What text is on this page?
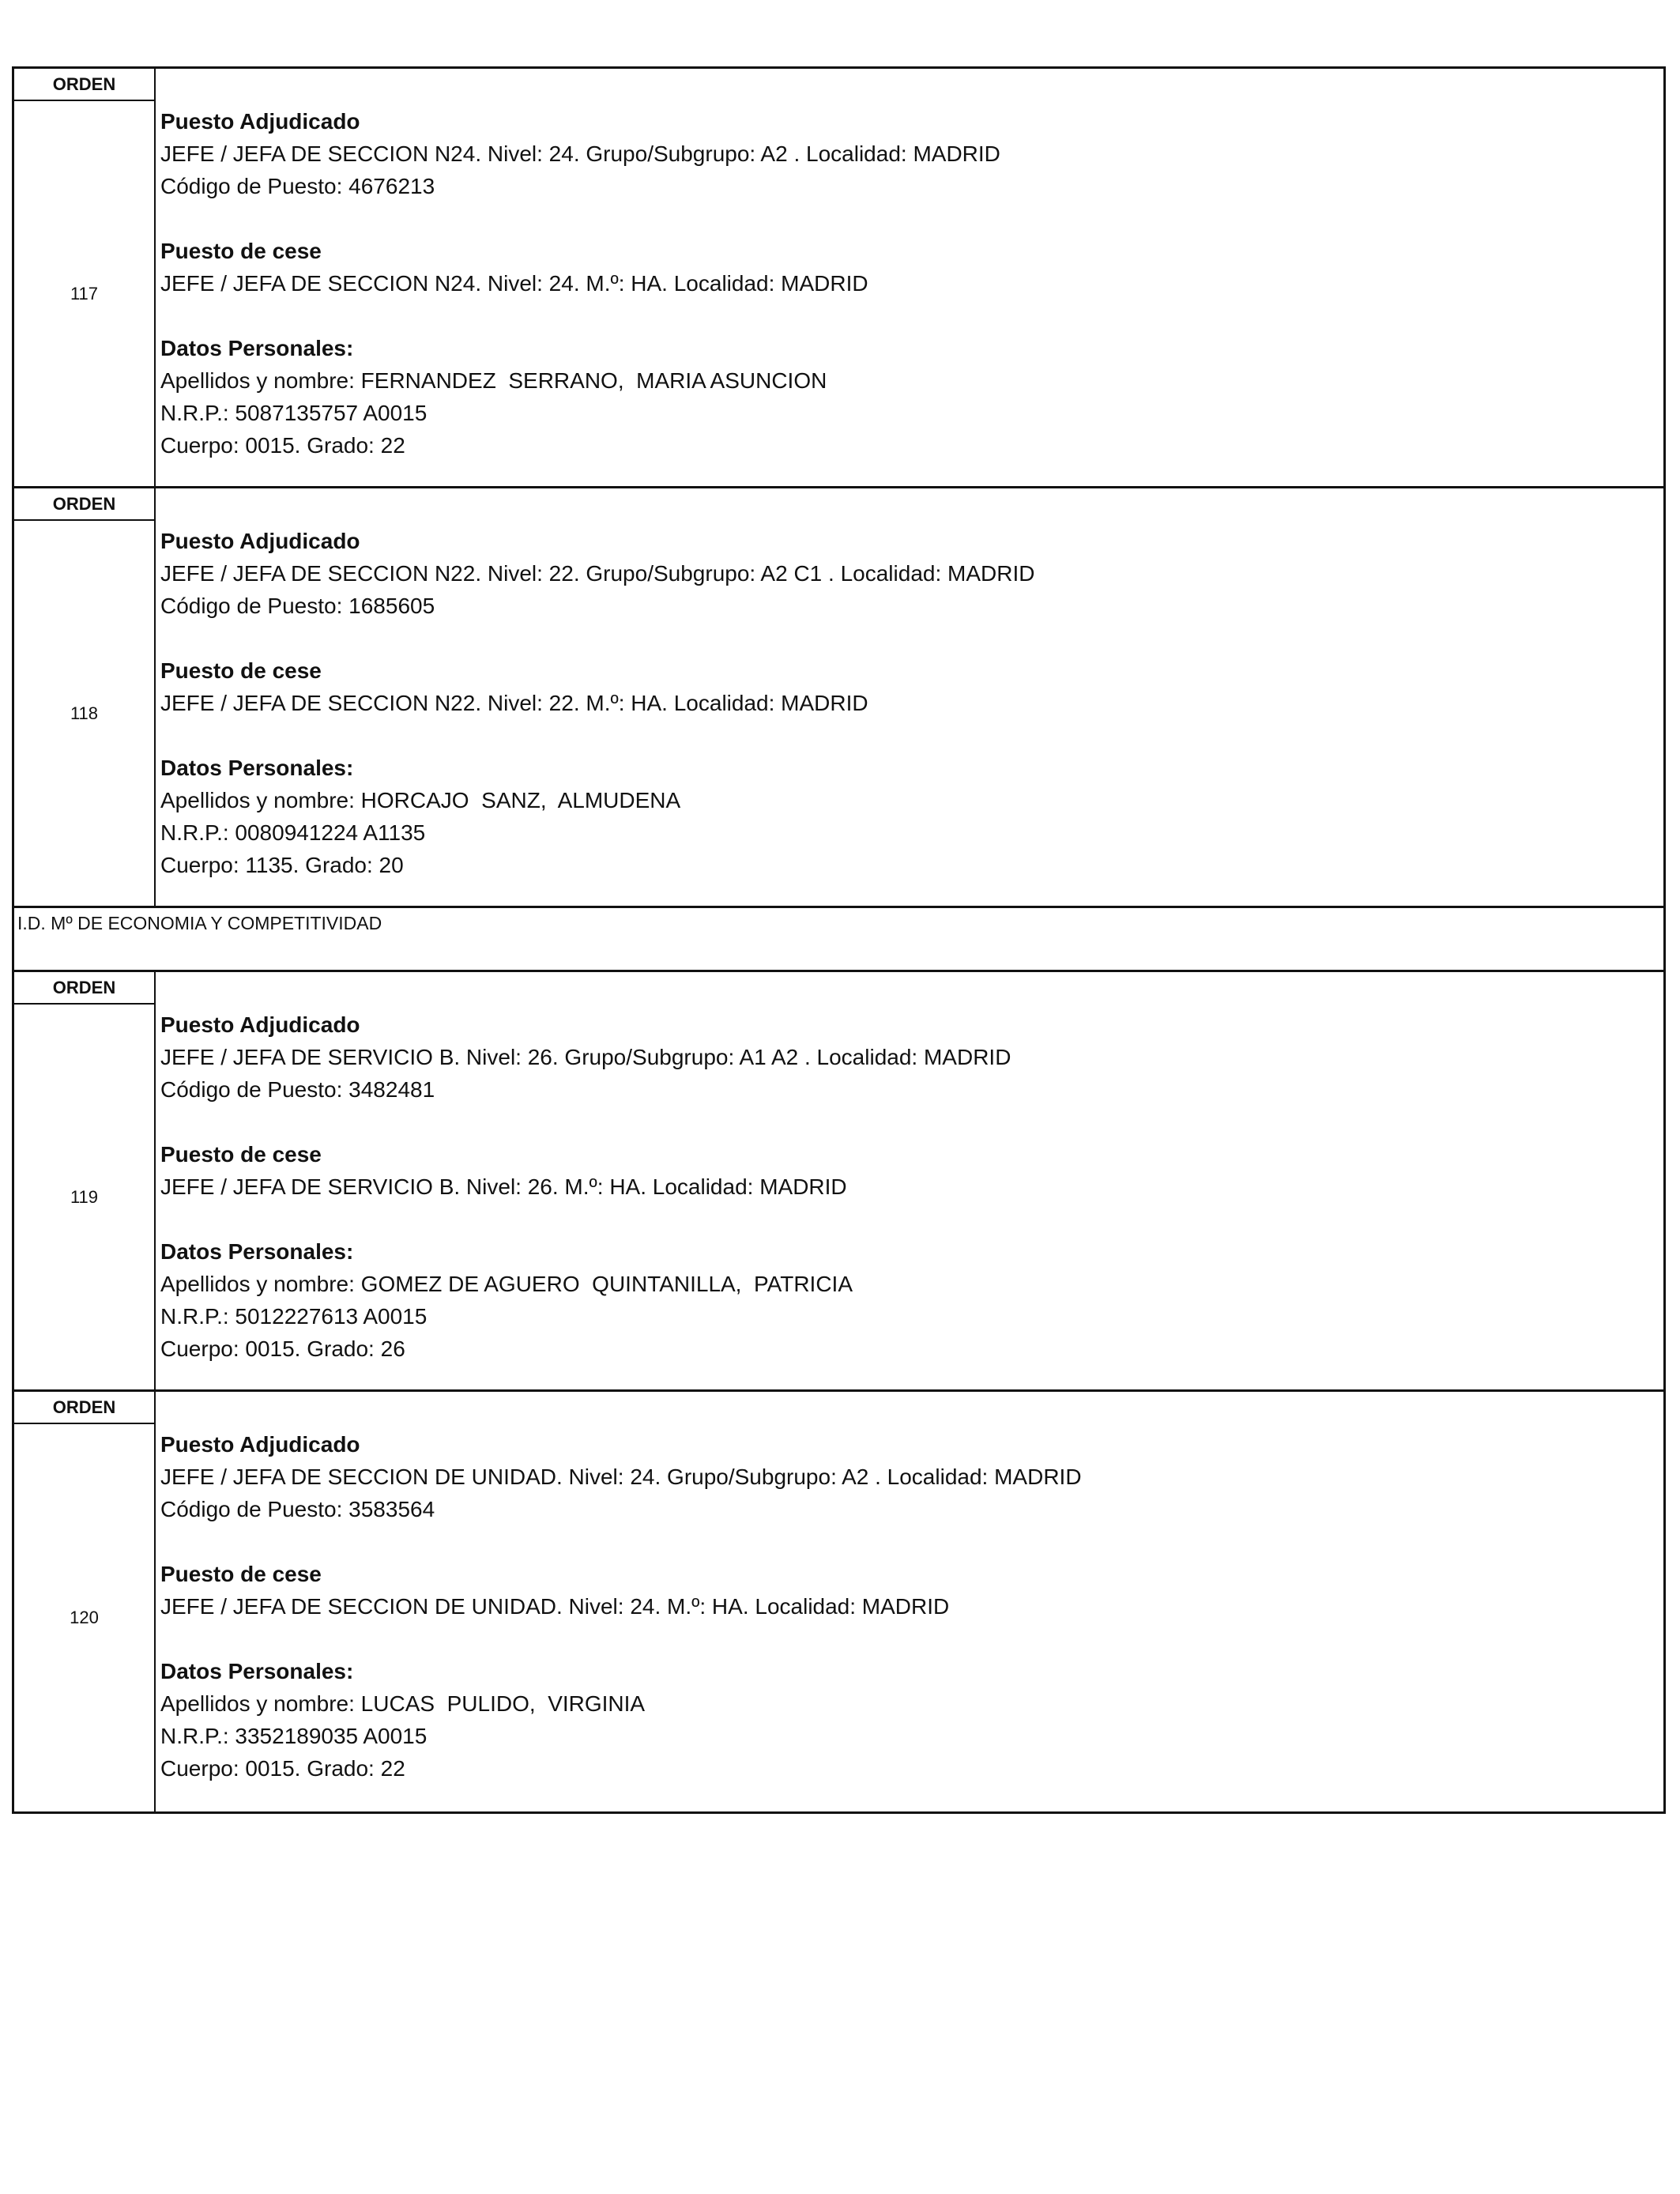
ORDEN
117
Puesto Adjudicado
JEFE / JEFA DE SECCION N24. Nivel: 24. Grupo/Subgrupo: A2 . Localidad: MADRID
Código de Puesto: 4676213
Puesto de cese
JEFE / JEFA DE SECCION N24. Nivel: 24. M.º: HA. Localidad: MADRID
Datos Personales:
Apellidos y nombre: FERNANDEZ  SERRANO,  MARIA ASUNCION
N.R.P.: 5087135757 A0015
Cuerpo: 0015. Grado: 22
ORDEN
118
Puesto Adjudicado
JEFE / JEFA DE SECCION N22. Nivel: 22. Grupo/Subgrupo: A2 C1 . Localidad: MADRID
Código de Puesto: 1685605
Puesto de cese
JEFE / JEFA DE SECCION N22. Nivel: 22. M.º: HA. Localidad: MADRID
Datos Personales:
Apellidos y nombre: HORCAJO  SANZ,  ALMUDENA
N.R.P.: 0080941224 A1135
Cuerpo: 1135. Grado: 20
I.D. Mº DE ECONOMIA Y COMPETITIVIDAD
ORDEN
119
Puesto Adjudicado
JEFE / JEFA DE SERVICIO B. Nivel: 26. Grupo/Subgrupo: A1 A2 . Localidad: MADRID
Código de Puesto: 3482481
Puesto de cese
JEFE / JEFA DE SERVICIO B. Nivel: 26. M.º: HA. Localidad: MADRID
Datos Personales:
Apellidos y nombre: GOMEZ DE AGUERO  QUINTANILLA,  PATRICIA
N.R.P.: 5012227613 A0015
Cuerpo: 0015. Grado: 26
ORDEN
120
Puesto Adjudicado
JEFE / JEFA DE SECCION DE UNIDAD. Nivel: 24. Grupo/Subgrupo: A2 . Localidad: MADRID
Código de Puesto: 3583564
Puesto de cese
JEFE / JEFA DE SECCION DE UNIDAD. Nivel: 24. M.º: HA. Localidad: MADRID
Datos Personales:
Apellidos y nombre: LUCAS  PULIDO,  VIRGINIA
N.R.P.: 3352189035 A0015
Cuerpo: 0015. Grado: 22
